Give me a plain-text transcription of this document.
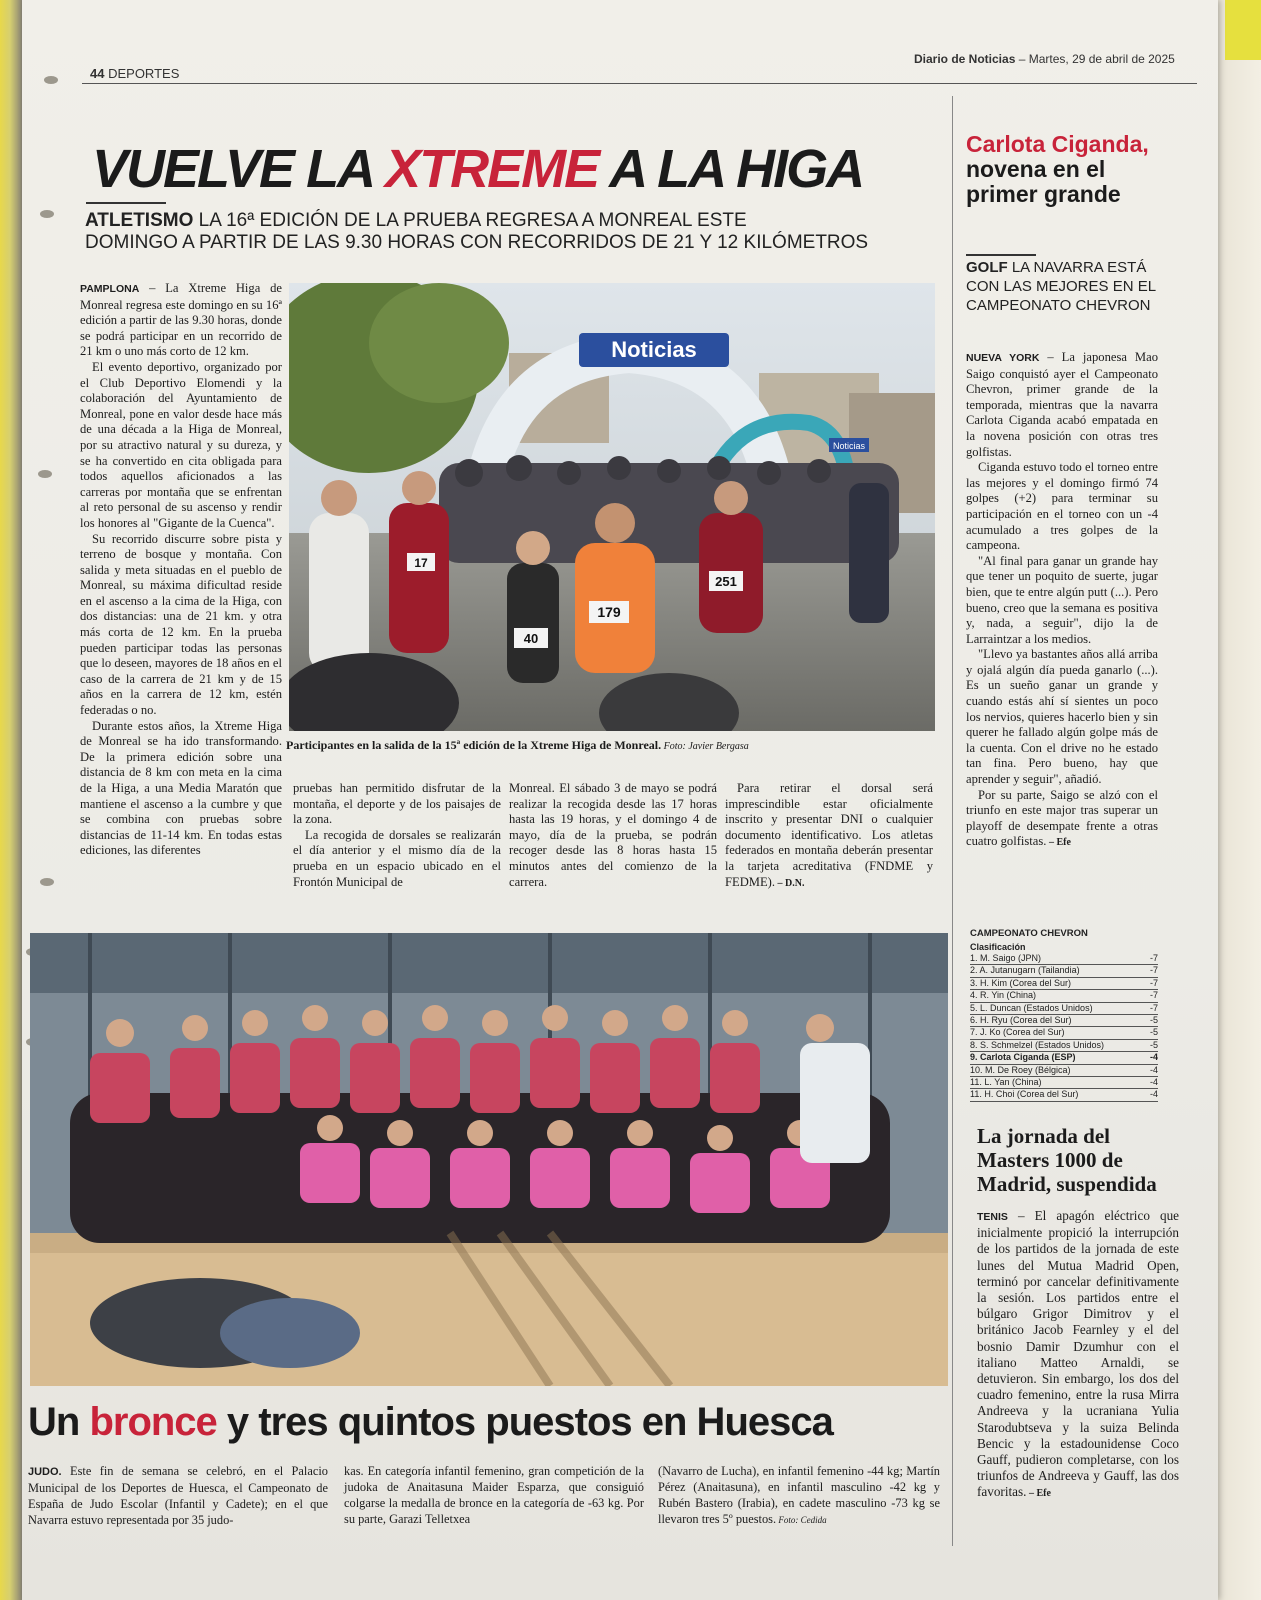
44 DEPORTES
Diario de Noticias – Martes, 29 de abril de 2025
VUELVE LA XTREME A LA HIGA
ATLETISMO LA 16ª EDICIÓN DE LA PRUEBA REGRESA A MONREAL ESTE
DOMINGO A PARTIR DE LAS 9.30 HORAS CON RECORRIDOS DE 21 Y 12 KILÓMETROS

PAMPLONA – La Xtreme Higa de Monreal regresa este domingo en su 16ª edición a partir de las 9.30 horas, donde se podrá participar en un recorrido de 21 km o uno más corto de 12 km.

El evento deportivo, organizado por el Club Deportivo Elomendi y la colaboración del Ayuntamiento de Monreal, pone en valor desde hace más de una década a la Higa de Monreal, por su atractivo natural y su dureza, y se ha convertido en cita obligada para todos aquellos aficionados a las carreras por montaña que se enfrentan al reto personal de su ascenso y rendir los honores al "Gigante de la Cuenca".

Su recorrido discurre sobre pista y terreno de bosque y montaña. Con salida y meta situadas en el pueblo de Monreal, su máxima dificultad reside en el ascenso a la cima de la Higa, con dos distancias: una de 21 km. y otra más corta de 12 km. En la prueba pueden participar todas las personas que lo deseen, mayores de 18 años en el caso de la carrera de 21 km y de 15 años en la carrera de 12 km, estén federadas o no.

Durante estos años, la Xtreme Higa de Monreal se ha ido transformando. De la primera edición sobre una distancia de 8 km con meta en la cima de la Higa, a una Media Maratón que mantiene el ascenso a la cumbre y que se combina con pruebas sobre distancias de 11-14 km. En todas estas ediciones, las diferentes

Noticias
Noticias
40
179
251
17
Participantes en la salida de la 15ª edición de la Xtreme Higa de Monreal. Foto: Javier Bergasa

pruebas han permitido disfrutar de la montaña, el deporte y de los paisajes de la zona.

La recogida de dorsales se realizarán el día anterior y el mismo día de la prueba en un espacio ubicado en el Frontón Municipal de

Monreal. El sábado 3 de mayo se podrá realizar la recogida desde las 17 horas hasta las 19 horas, y el domingo 4 de mayo, día de la prueba, se podrán recoger desde las 8 horas hasta 15 minutos antes del comienzo de la carrera.

Para retirar el dorsal será imprescindible estar oficialmente inscrito y presentar DNI o cualquier documento identificativo. Los atletas federados en montaña deberán presentar la tarjeta acreditativa (FNDME y FEDME). – D.N.

Carlota Ciganda,
novena en el primer grande
GOLF LA NAVARRA ESTÁ CON LAS MEJORES EN EL CAMPEONATO CHEVRON

NUEVA YORK – La japonesa Mao Saigo conquistó ayer el Campeonato Chevron, primer grande de la temporada, mientras que la navarra Carlota Ciganda acabó empatada en la novena posición con otras tres golfistas.

Ciganda estuvo todo el torneo entre las mejores y el domingo firmó 74 golpes (+2) para terminar su participación en el torneo con un -4 acumulado a tres golpes de la campeona.

"Al final para ganar un grande hay que tener un poquito de suerte, jugar bien, que te entre algún putt (...). Pero bueno, creo que la semana es positiva y, nada, a seguir", dijo la de Larraintzar a los medios.

"Llevo ya bastantes años allá arriba y ojalá algún día pueda ganarlo (...). Es un sueño ganar un grande y cuando estás ahí sí sientes un poco los nervios, quieres hacerlo bien y sin querer he fallado algún golpe más de la cuenta. Con el drive no he estado tan fina. Pero bueno, hay que aprender y seguir", añadió.

Por su parte, Saigo se alzó con el triunfo en este major tras superar un playoff de desempate frente a otras cuatro golfistas. – Efe

CAMPEONATO CHEVRON
Clasificación
1. M. Saigo (JPN)	-7
2. A. Jutanugarn (Tailandia)	-7
3. H. Kim (Corea del Sur)	-7
4. R. Yin (China)	-7
5. L. Duncan (Estados Unidos)	-7
6. H. Ryu (Corea del Sur)	-5
7. J. Ko (Corea del Sur)	-5
8. S. Schmelzel (Estados Unidos)	-5
9. Carlota Ciganda (ESP)	-4
10. M. De Roey (Bélgica)	-4
11. L. Yan (China)	-4
11. H. Choi (Corea del Sur)	-4
La jornada del Masters 1000 de Madrid, suspendida

TENIS – El apagón eléctrico que inicialmente propició la interrupción de los partidos de la jornada de este lunes del Mutua Madrid Open, terminó por cancelar definitivamente la sesión. Los partidos entre el búlgaro Grigor Dimitrov y el británico Jacob Fearnley y el del bosnio Damir Dzumhur con el italiano Matteo Arnaldi, se detuvieron. Sin embargo, los dos del cuadro femenino, entre la rusa Mirra Andreeva y la ucraniana Yulia Starodubtseva y la suiza Belinda Bencic y la estadounidense Coco Gauff, pudieron completarse, con los triunfos de Andreeva y Gauff, las dos favoritas. – Efe

Un bronce y tres quintos puestos en Huesca
JUDO. Este fin de semana se celebró, en el Palacio Municipal de los Deportes de Huesca, el Campeonato de España de Judo Escolar (Infantil y Cadete); en el que Navarra estuvo representada por 35 judo-
kas. En categoría infantil femenino, gran competición de la judoka de Anaitasuna Maider Esparza, que consiguió colgarse la medalla de bronce en la categoría de -63 kg. Por su parte, Garazi Telletxea
(Navarro de Lucha), en infantil femenino -44 kg; Martín Pérez (Anaitasuna), en infantil masculino -42 kg y Rubén Bastero (Irabia), en cadete masculino -73 kg se llevaron tres 5º puestos. Foto: Cedida
